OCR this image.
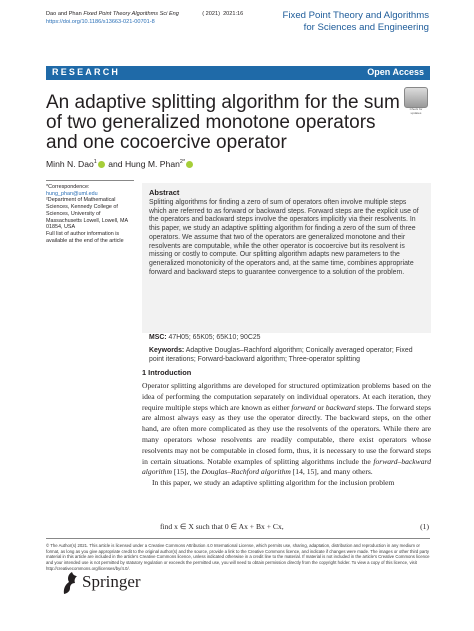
Dao and Phan Fixed Point Theory Algorithms Sci Eng	( 2021) 2021:16
https://doi.org/10.1186/s13663-021-00701-8
Fixed Point Theory and Algorithms
for Sciences and Engineering
RESEARCH	Open Access
An adaptive splitting algorithm for the sum of two generalized monotone operators and one cocoercive operator
Check for updates
Minh N. Dao$^1$ and Hung M. Phan$^{2*}$
*Correspondence:
hung_phan@uml.edu
²Department of Mathematical Sciences, Kennedy College of Sciences, University of Massachusetts Lowell, Lowell, MA 01854, USA
Full list of author information is available at the end of the article
Abstract
Splitting algorithms for finding a zero of sum of operators often involve multiple steps which are referred to as forward or backward steps. Forward steps are the explicit use of the operators and backward steps involve the operators implicitly via their resolvents. In this paper, we study an adaptive splitting algorithm for finding a zero of the sum of three operators. We assume that two of the operators are generalized monotone and their resolvents are computable, while the other operator is cocoercive but its resolvent is missing or costly to compute. Our splitting algorithm adapts new parameters to the generalized monotonicity of the operators and, at the same time, combines appropriate forward and backward steps to guarantee convergence to a solution of the problem.
MSC: 47H05; 65K05; 65K10; 90C25
Keywords: Adaptive Douglas–Rachford algorithm; Conically averaged operator; Fixed point iterations; Forward-backward algorithm; Three-operator splitting
1 Introduction
Operator splitting algorithms are developed for structured optimization problems based on the idea of performing the computation separately on individual operators. At each iteration, they require multiple steps which are known as either forward or backward steps. The forward steps are almost always easy as they use the operator directly. The backward steps, on the other hand, are often more complicated as they use the resolvents of the operators. While there are many operators whose resolvents are readily computable, there exist operators whose resolvents may not be computable in closed form, thus, it is necessary to use the forward steps in certain situations. Notable examples of splitting algorithms include the forward–backward algorithm [15], the Douglas–Rachford algorithm [14, 15], and many others.
In this paper, we study an adaptive splitting algorithm for the inclusion problem
find x ∈ X such that 0 ∈ Ax + Bx + Cx,	(1)
© The Author(s) 2021. This article is licensed under a Creative Commons Attribution 4.0 International License, which permits use, sharing, adaptation, distribution and reproduction in any medium or format, as long as you give appropriate credit to the original author(s) and the source, provide a link to the Creative Commons licence, and indicate if changes were made. The images or other third party material in this article are included in the article's Creative Commons licence, unless indicated otherwise in a credit line to the material. If material is not included in the article's Creative Commons licence and your intended use is not permitted by statutory regulation or exceeds the permitted use, you will need to obtain permission directly from the copyright holder. To view a copy of this licence, visit http://creativecommons.org/licenses/by/4.0/.
Springer
